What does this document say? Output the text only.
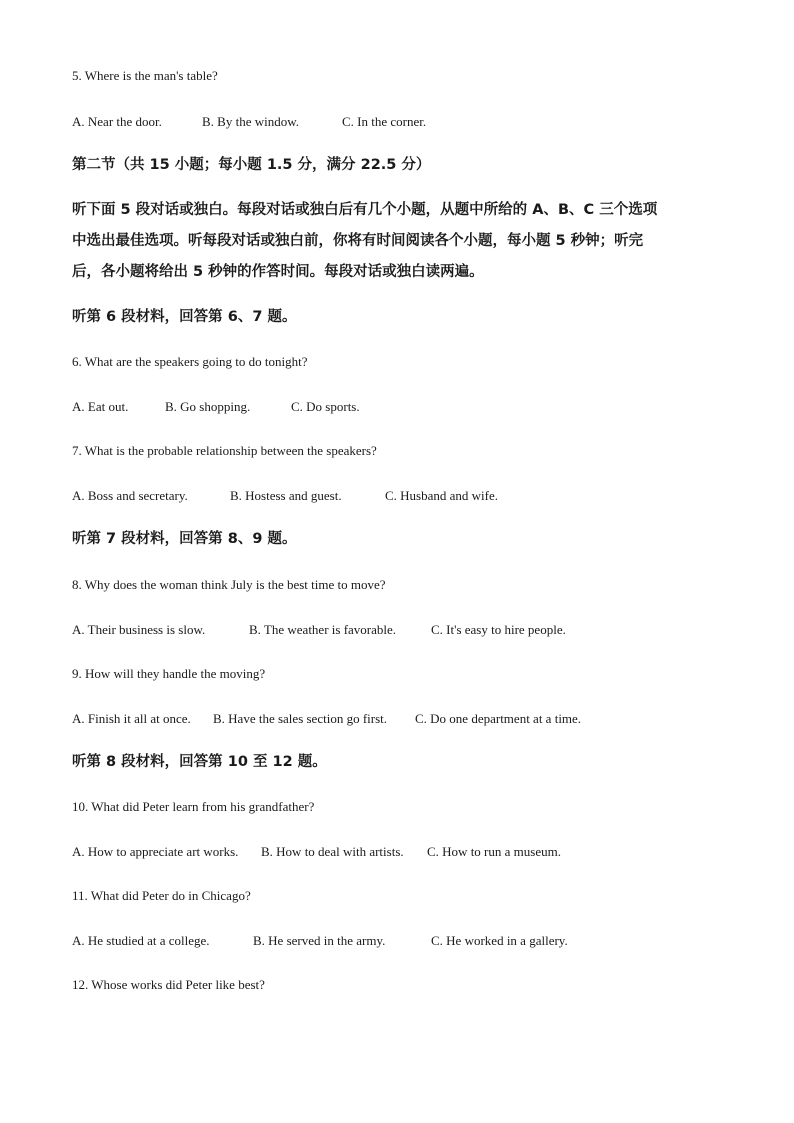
5. Where is the man's table?
A. Near the door.	B. By the window.	C. In the corner.
第二节（共 15 小题；每小题 1.5 分，满分 22.5 分）
听下面 5 段对话或独白。每段对话或独白后有几个小题，从题中所给的 A、B、C 三个选项
中选出最佳选项。听每段对话或独白前，你将有时间阅读各个小题，每小题 5 秒钟；听完
后，各小题将给出 5 秒钟的作答时间。每段对话或独白读两遍。
听第 6 段材料，回答第 6、7 题。
6. What are the speakers going to do tonight?
A. Eat out.	B. Go shopping.	C. Do sports.
7. What is the probable relationship between the speakers?
A. Boss and secretary.	B. Hostess and guest.	C. Husband and wife.
听第 7 段材料，回答第 8、9 题。
8. Why does the woman think July is the best time to move?
A. Their business is slow.	B. The weather is favorable.	C. It's easy to hire people.
9. How will they handle the moving?
A. Finish it all at once. B. Have the sales section go first. C. Do one department at a time.
听第 8 段材料，回答第 10 至 12 题。
10. What did Peter learn from his grandfather?
A. How to appreciate art works. B. How to deal with artists. C. How to run a museum.
11. What did Peter do in Chicago?
A. He studied at a college.	B. He served in the army.	C. He worked in a gallery.
12. Whose works did Peter like best?
